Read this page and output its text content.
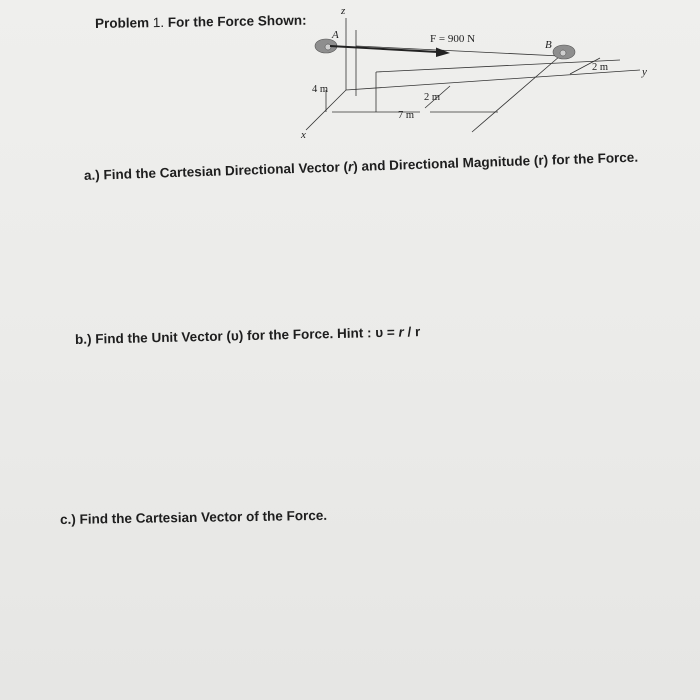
Problem 1. For the Force Shown:
z
x
y
A
B
F = 900 N
4 m
2 m
2 m
7 m
a.) Find the Cartesian Directional Vector (r) and Directional Magnitude (r) for the Force.
b.) Find the Unit Vector (υ) for the Force. Hint : υ = r / r
c.) Find the Cartesian Vector of the Force.
